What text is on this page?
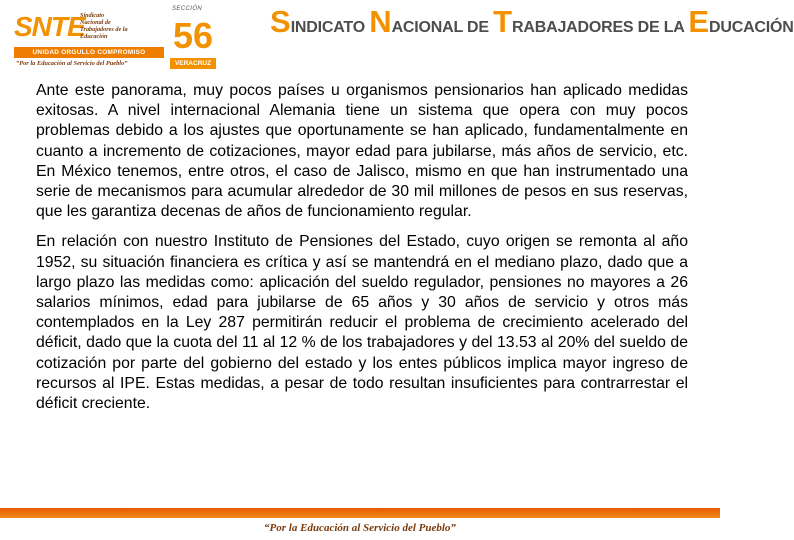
SNTE
Sindicato
Nacional de
Trabajadores de la
Educación
UNIDAD ORGULLO COMPROMISO
“Por la Educación al Servicio del Pueblo”
SECCIÓN
56
VERACRUZ
SINDICATO NACIONAL DE TRABAJADORES DE LA EDUCACIÓN

Ante este panorama, muy pocos países u organismos pensionarios han aplicado medidas exitosas. A nivel internacional Alemania tiene un sistema que opera con muy pocos problemas debido a los ajustes que oportunamente se han aplicado, fundamentalmente en cuanto a incremento de cotizaciones, mayor edad para jubilarse, más años de servicio, etc. En México tenemos, entre otros, el caso de Jalisco, mismo en que han instrumentado una serie de mecanismos para acumular alrededor de 30 mil millones de pesos en sus reservas, que les garantiza decenas de años de funcionamiento regular.

En relación con nuestro Instituto de Pensiones del Estado, cuyo origen se remonta al año 1952, su situación financiera es crítica y así se mantendrá en el mediano plazo, dado que a largo plazo las medidas como: aplicación del sueldo regulador, pensiones no mayores a 26 salarios mínimos, edad para jubilarse de 65 años y 30 años de servicio y otros más contemplados en la Ley 287 permitirán reducir el problema de crecimiento acelerado del déficit, dado que la cuota del 11 al 12 % de los trabajadores y del 13.53 al 20% del sueldo de cotización por parte del gobierno del estado y los entes públicos implica mayor ingreso de recursos al IPE. Estas medidas, a pesar de todo resultan insuficientes para contrarrestar el déficit creciente.

“Por la Educación al Servicio del Pueblo”
